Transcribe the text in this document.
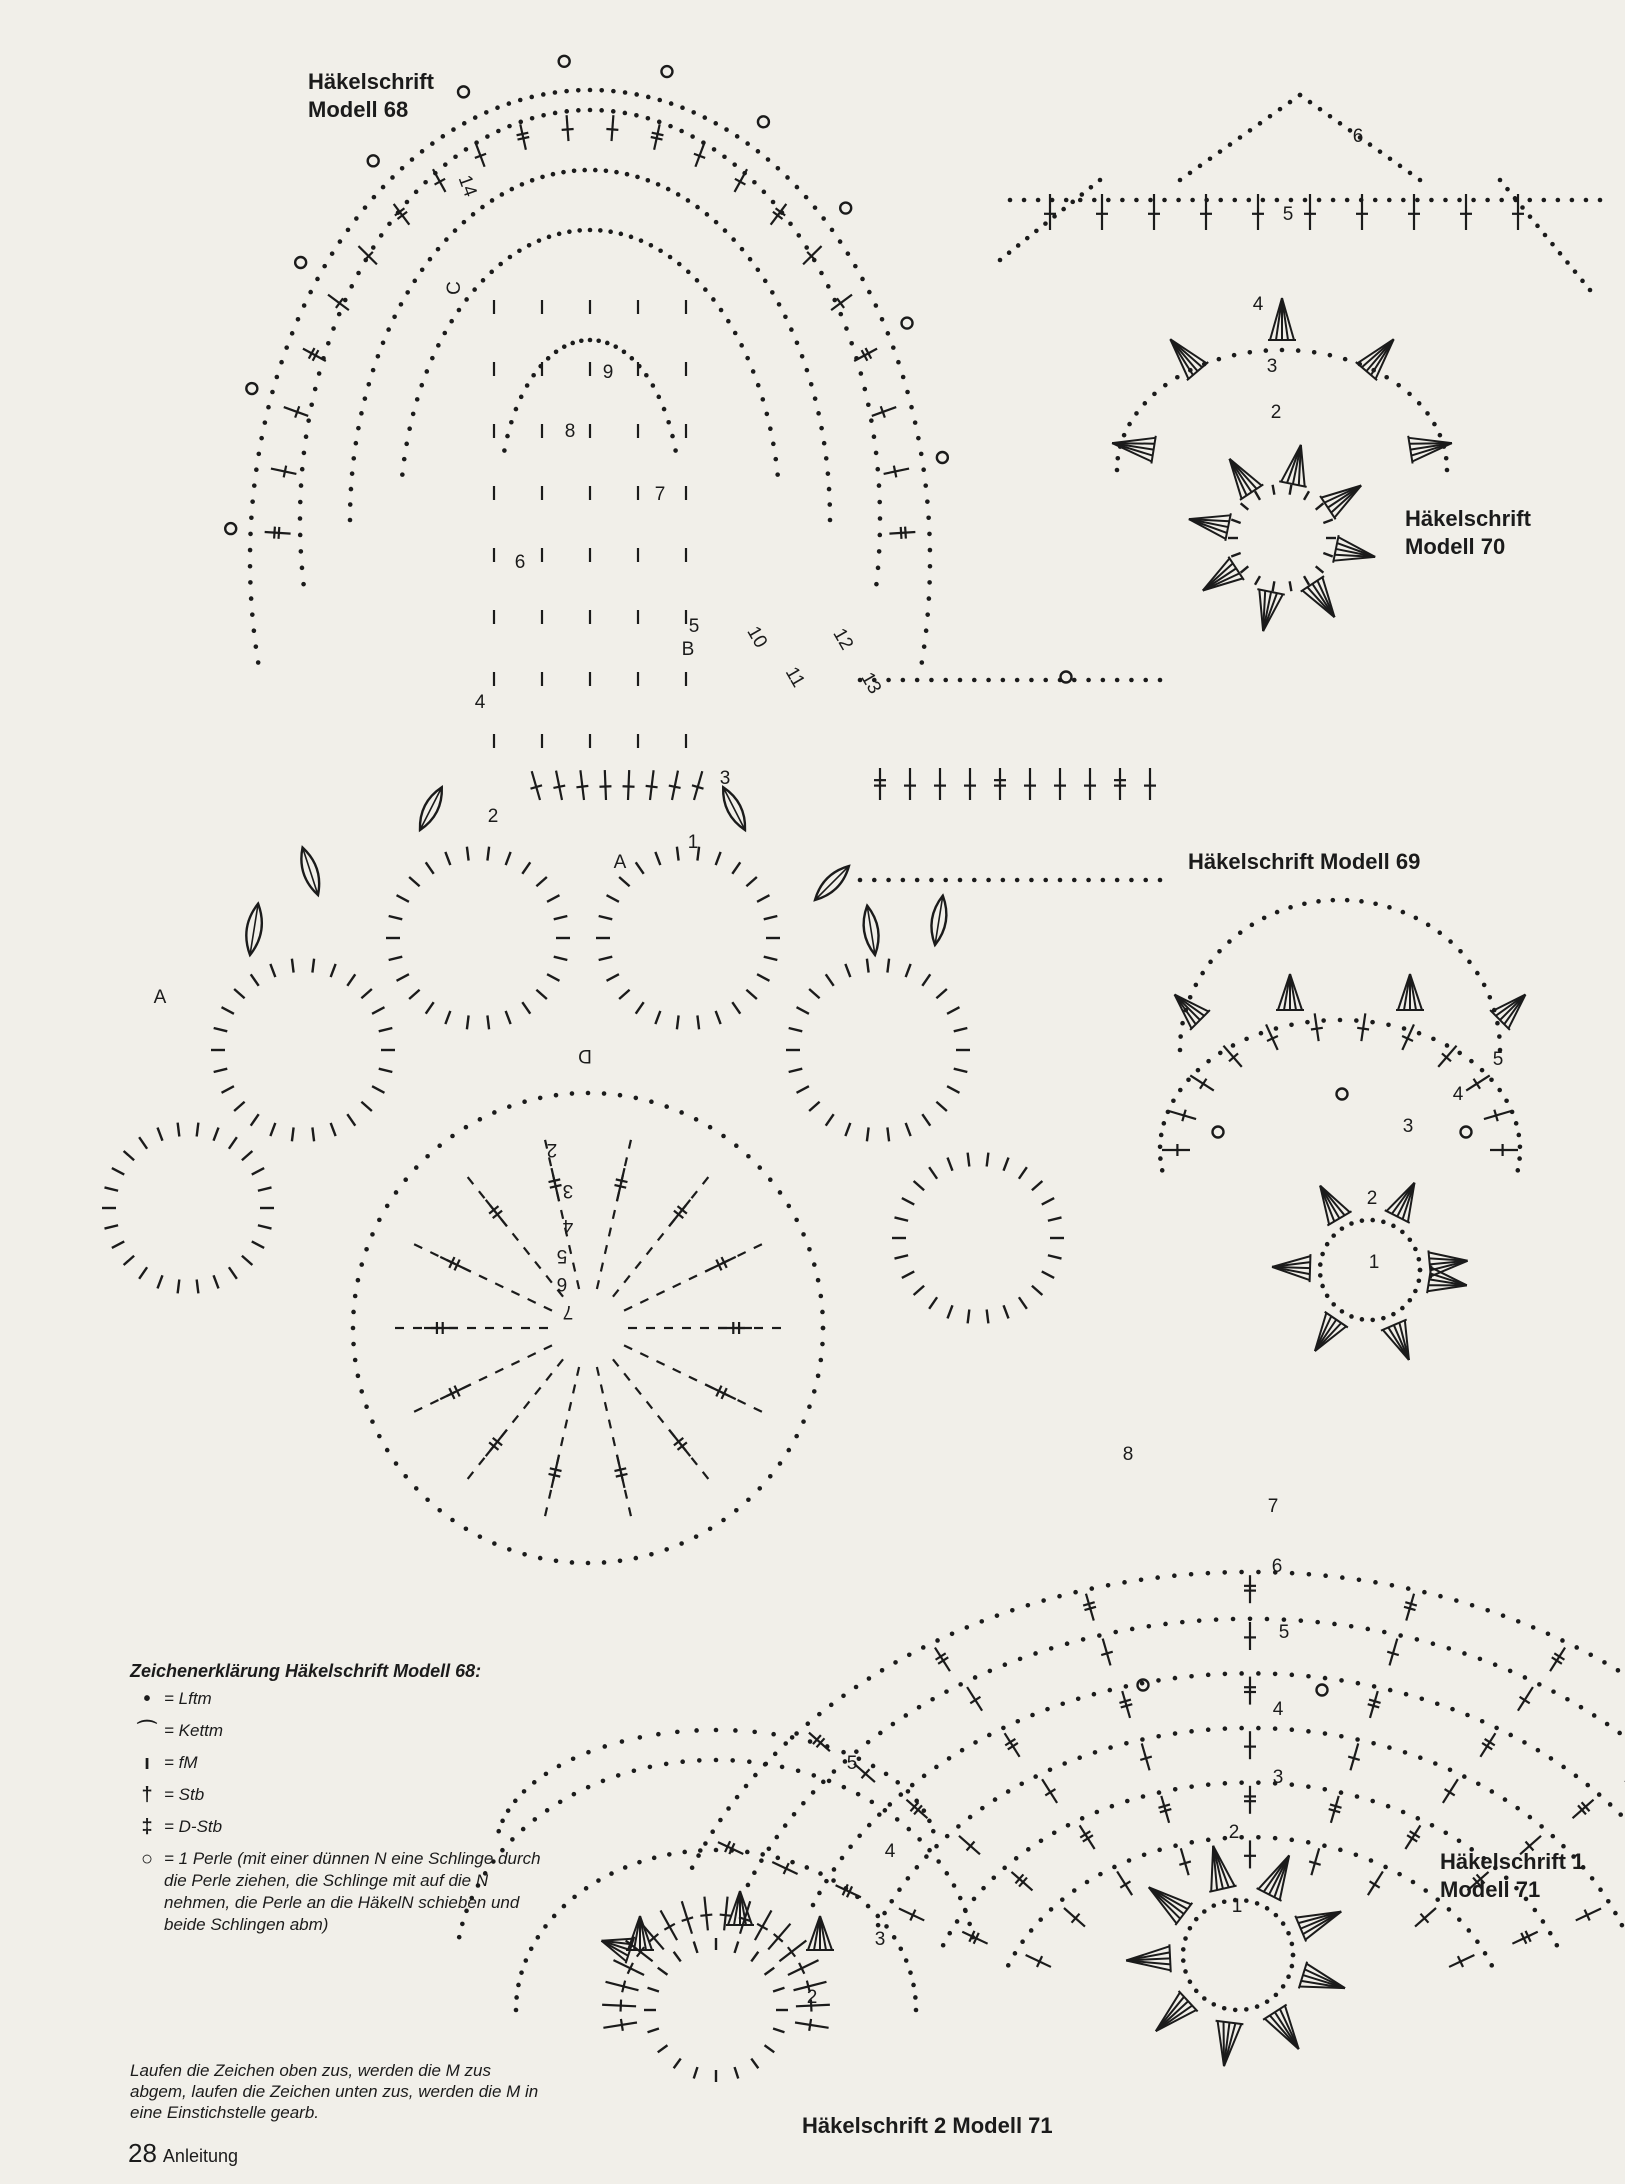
14
9
8
7
6
5
4
3
2
1
10
11
12
13
2
3
4
5
6
7
A
A
B
C
D
6
5
4
3
2
5
4
3
2
1
8
7
6
5
4
3
2
1
5
4
3
2
Häkelschrift
Modell 68
Häkelschrift
Modell 70
Häkelschrift Modell 69
Häkelschrift 1
Modell 71
Häkelschrift 2 Modell 71
Zeichenerklärung Häkelschrift Modell 68:
• = Lftm
⌒ = Kettm
ı = fM
† = Stb
‡ = D-Stb
○ = 1 Perle (mit einer dünnen N eine Schlinge durch die Perle ziehen, die Schlinge mit auf die N nehmen, die Perle an die HäkelN schieben und beide Schlingen abm)
Laufen die Zeichen oben zus, werden die M zus abgem, laufen die Zeichen unten zus, werden die M in eine Einstichstelle gearb.
28 Anleitung
